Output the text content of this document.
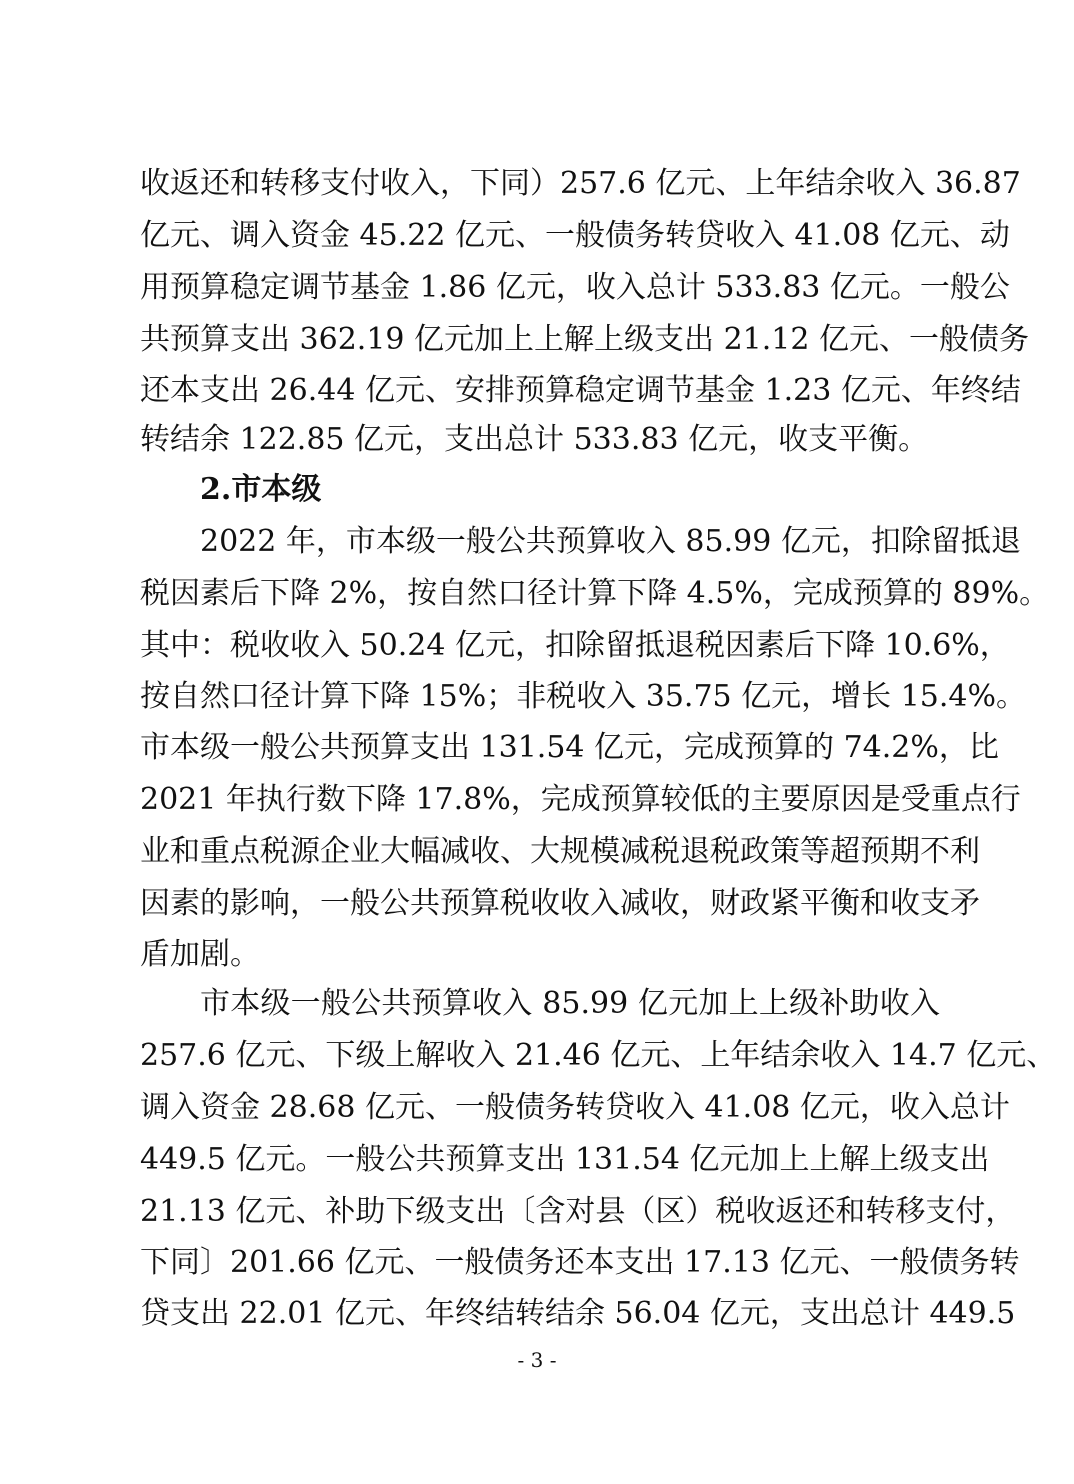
收返还和转移支付收入，下同）257.6 亿元、上年结余收入 36.87
亿元、调入资金 45.22 亿元、一般债务转贷收入 41.08 亿元、动
用预算稳定调节基金 1.86 亿元，收入总计 533.83 亿元。一般公
共预算支出 362.19 亿元加上上解上级支出 21.12 亿元、一般债务
还本支出 26.44 亿元、安排预算稳定调节基金 1.23 亿元、年终结
转结余 122.85 亿元，支出总计 533.83 亿元，收支平衡。
2.市本级
2022 年，市本级一般公共预算收入 85.99 亿元，扣除留抵退
税因素后下降 2%，按自然口径计算下降 4.5%，完成预算的 89%。
其中：税收收入 50.24 亿元，扣除留抵退税因素后下降 10.6%，
按自然口径计算下降 15%；非税收入 35.75 亿元，增长 15.4%。
市本级一般公共预算支出 131.54 亿元，完成预算的 74.2%，比
2021 年执行数下降 17.8%，完成预算较低的主要原因是受重点行
业和重点税源企业大幅减收、大规模减税退税政策等超预期不利
因素的影响，一般公共预算税收收入减收，财政紧平衡和收支矛
盾加剧。
市本级一般公共预算收入 85.99 亿元加上上级补助收入
257.6 亿元、下级上解收入 21.46 亿元、上年结余收入 14.7 亿元、
调入资金 28.68 亿元、一般债务转贷收入 41.08 亿元，收入总计
449.5 亿元。一般公共预算支出 131.54 亿元加上上解上级支出
21.13 亿元、补助下级支出〔含对县（区）税收返还和转移支付，
下同〕201.66 亿元、一般债务还本支出 17.13 亿元、一般债务转
贷支出 22.01 亿元、年终结转结余 56.04 亿元，支出总计 449.5
- 3 -
